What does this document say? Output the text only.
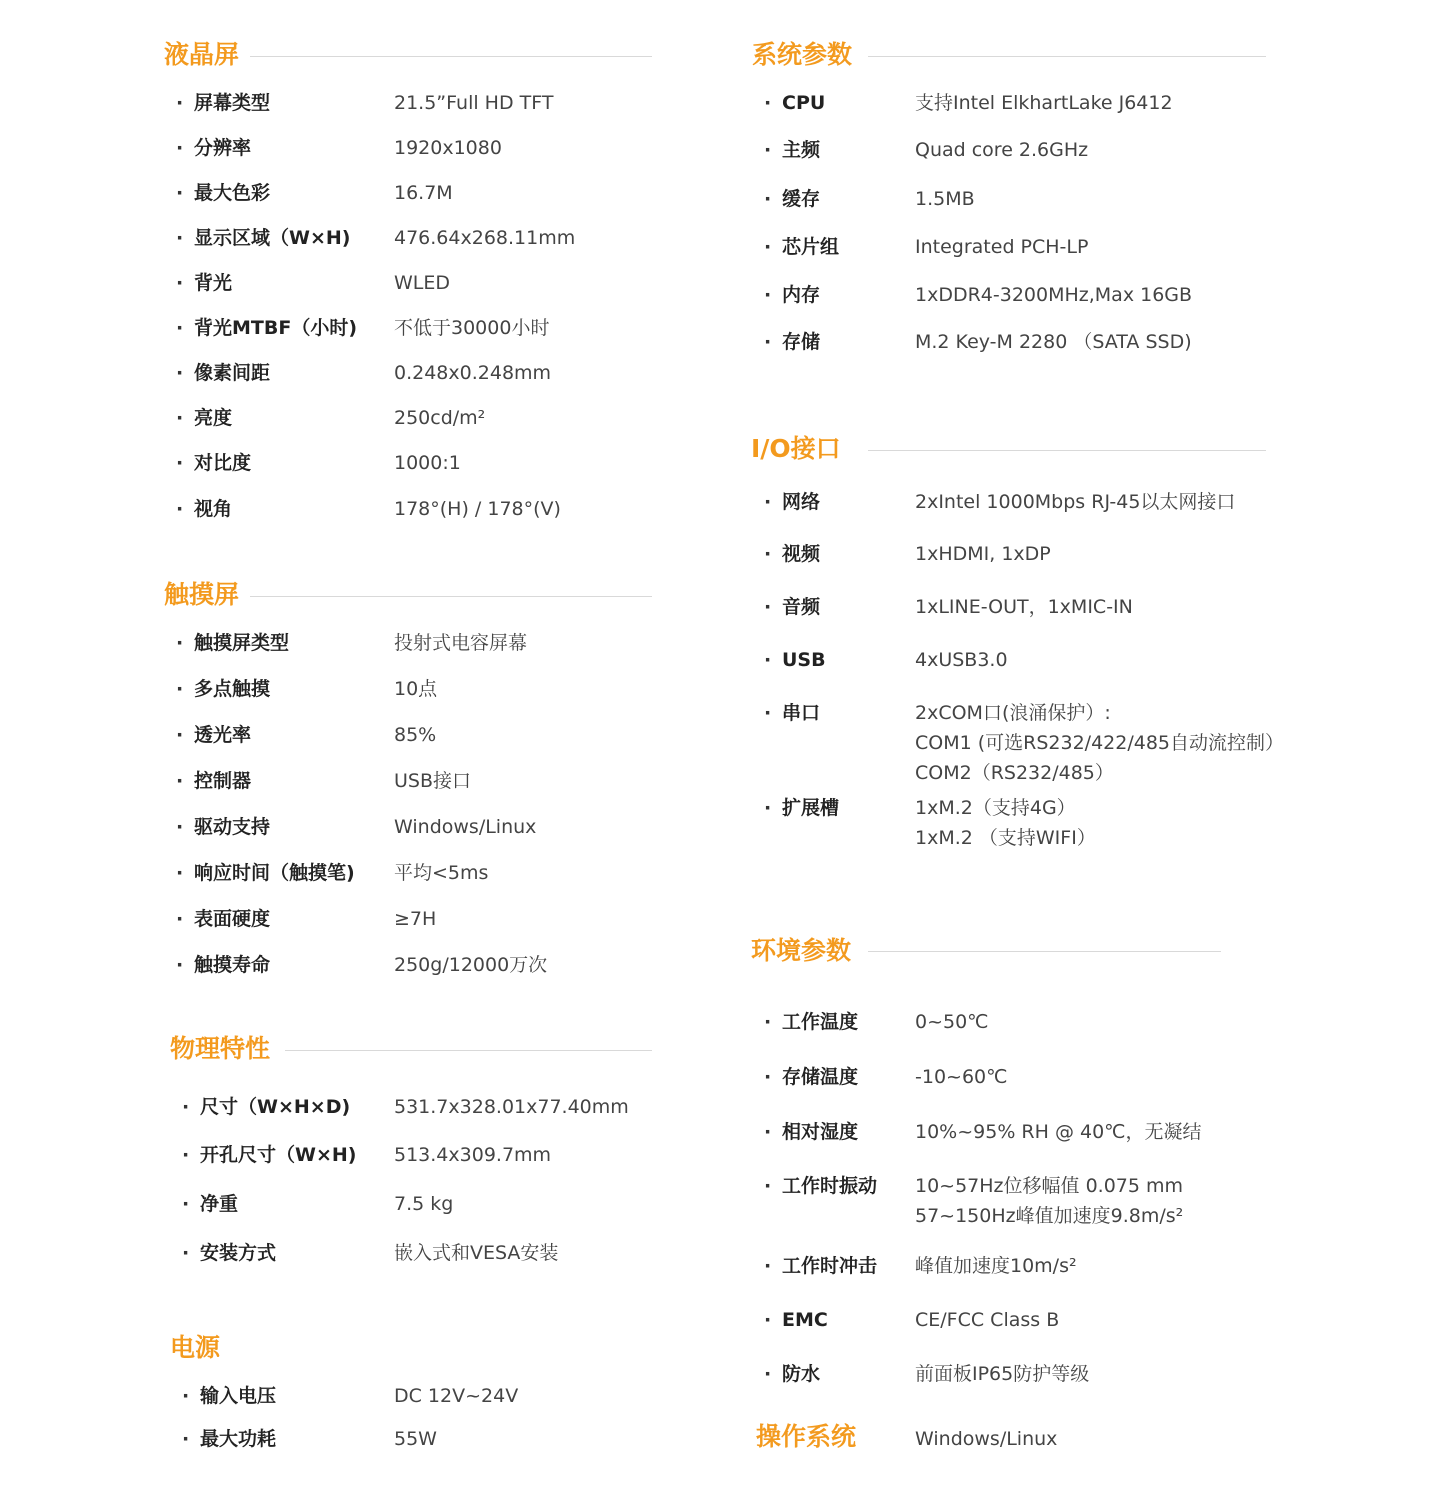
液晶屏
· 屏幕类型	21.5”Full HD TFT
· 分辨率	1920x1080
· 最大色彩	16.7M
· 显示区域（W×H) 476.64x268.11mm
· 背光	WLED
· 背光MTBF（小时) 不低于30000小时
· 像素间距	0.248x0.248mm
· 亮度	250cd/m²
· 对比度	1000:1
· 视角	178°(H) / 178°(V)
触摸屏
· 触摸屏类型	投射式电容屏幕
· 多点触摸	10点
· 透光率	85%
· 控制器	USB接口
· 驱动支持	Windows/Linux
· 响应时间（触摸笔) 平均<5ms
· 表面硬度	≥7H
· 触摸寿命	250g/12000万次
物理特性
· 尺寸（W×H×D) 531.7x328.01x77.40mm
· 开孔尺寸（W×H) 513.4x309.7mm
· 净重	7.5 kg
· 安装方式	嵌入式和VESA安装
电源
· 输入电压	DC 12V~24V
· 最大功耗	55W
系统参数
· CPU	支持Intel ElkhartLake J6412
· 主频	Quad core 2.6GHz
· 缓存	1.5MB
· 芯片组	Integrated PCH-LP
· 内存	1xDDR4-3200MHz,Max 16GB
· 存储	M.2 Key-M 2280 （SATA SSD)
I/O接口
· 网络	2xIntel 1000Mbps RJ-45以太网接口
· 视频	1xHDMI, 1xDP
· 音频	1xLINE-OUT，1xMIC-IN
· USB	4xUSB3.0
· 串口	2xCOM口(浪涌保护）:
COM1 (可选RS232/422/485自动流控制）
COM2（RS232/485）
· 扩展槽	1xM.2（支持4G）
1xM.2 （支持WIFI）
环境参数
· 工作温度	0~50℃
· 存储温度	-10~60℃
· 相对湿度	10%~95% RH @ 40℃，无凝结
· 工作时振动 10~57Hz位移幅值 0.075 mm
57~150Hz峰值加速度9.8m/s²
· 工作时冲击 峰值加速度10m/s²
· EMC	CE/FCC Class B
· 防水	前面板IP65防护等级
操作系统	Windows/Linux
